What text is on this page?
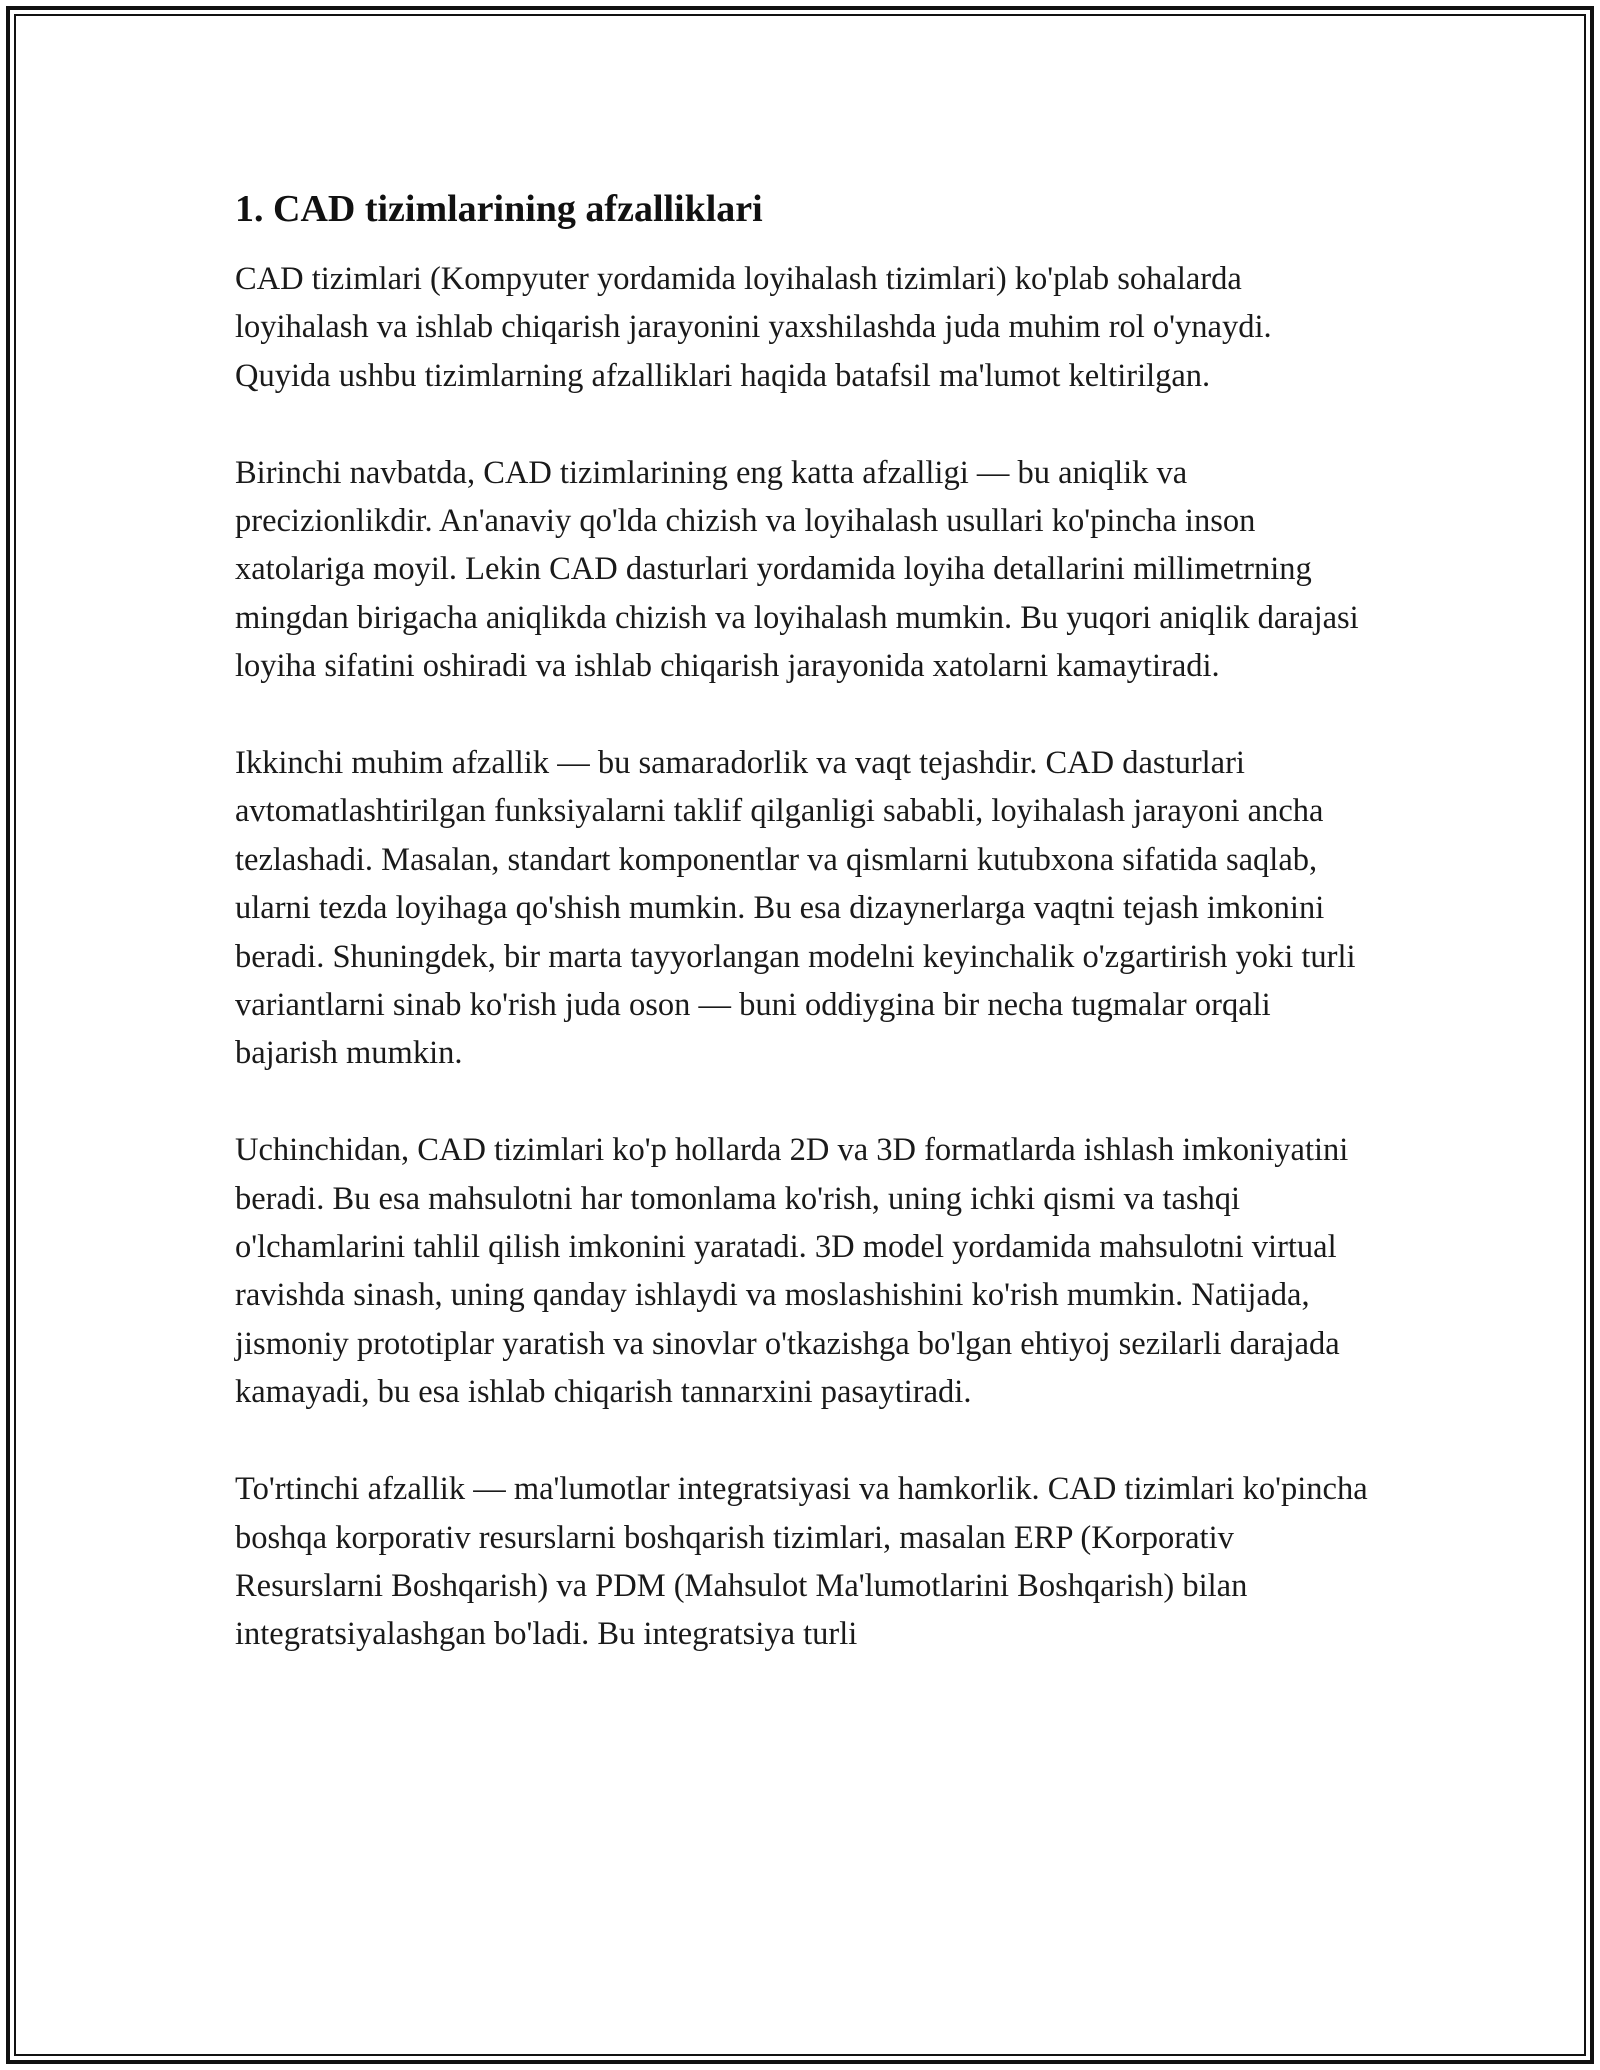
1. CAD tizimlarining afzalliklari

CAD tizimlari (Kompyuter yordamida loyihalash tizimlari) ko'plab sohalarda loyihalash va ishlab chiqarish jarayonini yaxshilashda juda muhim rol o'ynaydi. Quyida ushbu tizimlarning afzalliklari haqida batafsil ma'lumot keltirilgan.

Birinchi navbatda, CAD tizimlarining eng katta afzalligi — bu aniqlik va precizionlikdir. An'anaviy qo'lda chizish va loyihalash usullari ko'pincha inson xatolariga moyil. Lekin CAD dasturlari yordamida loyiha detallarini millimetrning mingdan birigacha aniqlikda chizish va loyihalash mumkin. Bu yuqori aniqlik darajasi loyiha sifatini oshiradi va ishlab chiqarish jarayonida xatolarni kamaytiradi.

Ikkinchi muhim afzallik — bu samaradorlik va vaqt tejashdir. CAD dasturlari avtomatlashtirilgan funksiyalarni taklif qilganligi sababli, loyihalash jarayoni ancha tezlashadi. Masalan, standart komponentlar va qismlarni kutubxona sifatida saqlab, ularni tezda loyihaga qo'shish mumkin. Bu esa dizaynerlarga vaqtni tejash imkonini beradi. Shuningdek, bir marta tayyorlangan modelni keyinchalik o'zgartirish yoki turli variantlarni sinab ko'rish juda oson — buni oddiygina bir necha tugmalar orqali bajarish mumkin.

Uchinchidan, CAD tizimlari ko'p hollarda 2D va 3D formatlarda ishlash imkoniyatini beradi. Bu esa mahsulotni har tomonlama ko'rish, uning ichki qismi va tashqi o'lchamlarini tahlil qilish imkonini yaratadi. 3D model yordamida mahsulotni virtual ravishda sinash, uning qanday ishlaydi va moslashishini ko'rish mumkin. Natijada, jismoniy prototiplar yaratish va sinovlar o'tkazishga bo'lgan ehtiyoj sezilarli darajada kamayadi, bu esa ishlab chiqarish tannarxini pasaytiradi.

To'rtinchi afzallik — ma'lumotlar integratsiyasi va hamkorlik. CAD tizimlari ko'pincha boshqa korporativ resurslarni boshqarish tizimlari, masalan ERP (Korporativ Resurslarni Boshqarish) va PDM (Mahsulot Ma'lumotlarini Boshqarish) bilan integratsiyalashgan bo'ladi. Bu integratsiya turli
